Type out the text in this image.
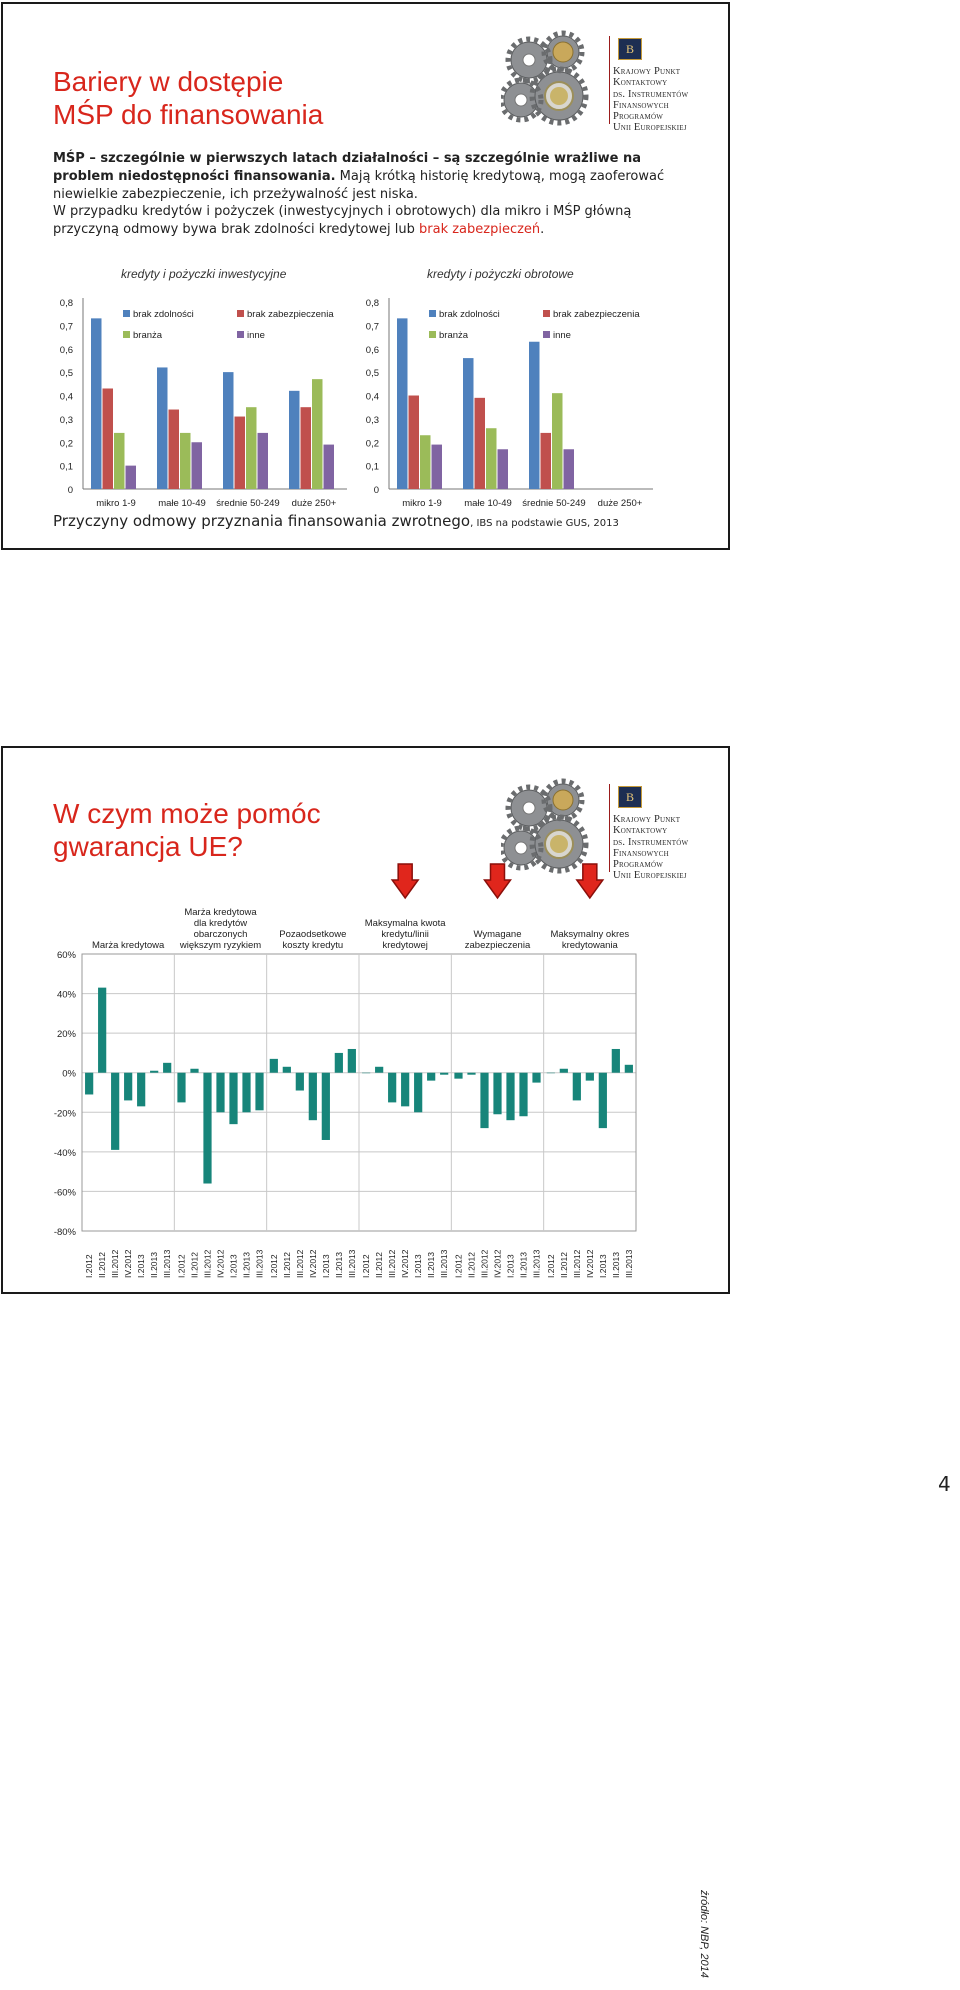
Bariery w dostępie
MŚP do finansowania
B
Krajowy Punkt
Kontaktowy
ds. Instrumentów
Finansowych
Programów
Unii Europejskiej
MŚP – szczególnie w pierwszych latach działalności – są szczególnie wrażliwe na problem niedostępności finansowania. Mają krótką historię kredytową, mogą zaoferować niewielkie zabezpieczenie, ich przeżywalność jest niska.
W przypadku kredytów i pożyczek (inwestycyjnych i obrotowych) dla mikro i MŚP główną przyczyną odmowy bywa brak zdolności kredytowej lub brak zabezpieczeń.
kredyty i pożyczki inwestycyjne
0
0,1
0,2
0,3
0,4
0,5
0,6
0,7
0,8
mikro 1-9 małe 10-49 średnie 50-249 duże 250+
brak zdolności	brak zabezpieczenia
branża	inne
kredyty i pożyczki obrotowe
0
0,1
0,2
0,3
0,4
0,5
0,6
0,7
0,8
mikro 1-9 małe 10-49 średnie 50-249 duże 250+
brak zdolności	brak zabezpieczenia
branża	inne
Przyczyny odmowy przyznania finansowania zwrotnego, IBS na podstawie GUS, 2013
W czym może pomóc
gwarancja UE?
B
Krajowy Punkt
Kontaktowy
ds. Instrumentów
Finansowych
Programów
Unii Europejskiej
źródło: NBP, 2014
-80%
-60%
-40%
-20%
0%
20%
40%
60%
I.2012 II.2012 III.2012 IV.2012 I.2013 II.2013 III.2013
Marża kredytowa
I.2012 II.2012 III.2012 IV.2012 I.2013 II.2013 III.2013
Marża kredytowa dla kredytów obarczonych większym ryzykiem
I.2012 II.2012 III.2012 IV.2012 I.2013 II.2013 III.2013
Pozaodsetkowe koszty kredytu
I.2012 II.2012 III.2012 IV.2012 I.2013 II.2013 III.2013
Maksymalna kwota kredytu/linii kredytowej
I.2012 II.2012 III.2012 IV.2012 I.2013 II.2013 III.2013
Wymagane zabezpieczenia
I.2012 II.2012 III.2012 IV.2012 I.2013 II.2013 III.2013
Maksymalny okres kredytowania
4
